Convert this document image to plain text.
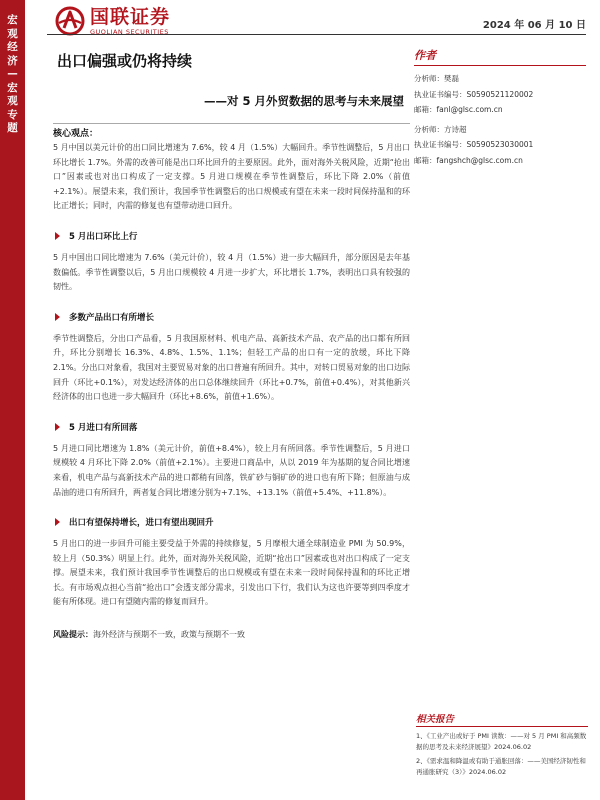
宏观经济—宏观专题
国联证券
GUOLIAN SECURITIES
2024 年 06 月 10 日
出口偏强或仍将持续
——对 5 月外贸数据的思考与未来展望
作者
分析师：樊磊
执业证书编号：S0590521120002
邮箱：fanl@glsc.com.cn
分析师：方诗超
执业证书编号：S0590523030001
邮箱：fangshch@glsc.com.cn
核心观点：

5 月中国以美元计价的出口同比增速为 7.6%，较 4 月（1.5%）大幅回升。季节性调整后，5 月出口环比增长 1.7%。外需的改善可能是出口环比回升的主要原因。此外，面对海外关税风险，近期“抢出口”因素或也对出口构成了一定支撑。5 月进口规模在季节性调整后，环比下降 2.0%（前值+2.1%）。展望未来，我们预计，我国季节性调整后的出口规模或有望在未来一段时间保持温和的环比正增长；同时，内需的修复也有望带动进口回升。

5 月出口环比上行

5 月中国出口同比增速为 7.6%（美元计价），较 4 月（1.5%）进一步大幅回升，部分原因是去年基数偏低。季节性调整以后，5 月出口规模较 4 月进一步扩大，环比增长 1.7%，表明出口具有较强的韧性。

多数产品出口有所增长

季节性调整后，分出口产品看，5 月我国原材料、机电产品、高新技术产品、农产品的出口都有所回升，环比分别增长 16.3%、4.8%、1.5%、1.1%；但轻工产品的出口有一定的放缓，环比下降 2.1%。分出口对象看，我国对主要贸易对象的出口普遍有所回升。其中，对转口贸易对象的出口边际回升（环比+0.1%），对发达经济体的出口总体继续回升（环比+0.7%，前值+0.4%），对其他新兴经济体的出口也进一步大幅回升（环比+8.6%，前值+1.6%）。

5 月进口有所回落

5 月进口同比增速为 1.8%（美元计价，前值+8.4%），较上月有所回落。季节性调整后，5 月进口规模较 4 月环比下降 2.0%（前值+2.1%）。主要进口商品中，从以 2019 年为基期的复合同比增速来看，机电产品与高新技术产品的进口都稍有回落，铁矿砂与铜矿砂的进口也有所下降；但原油与成品油的进口有所回升，两者复合同比增速分别为+7.1%、+13.1%（前值+5.4%、+11.8%）。

出口有望保持增长，进口有望出现回升

5 月出口的进一步回升可能主要受益于外需的持续修复，5 月摩根大通全球制造业 PMI 为 50.9%，较上月（50.3%）明显上行。此外，面对海外关税风险，近期“抢出口”因素或也对出口构成了一定支撑。展望未来，我们预计我国季节性调整后的出口规模或有望在未来一段时间保持温和的环比正增长。有市场观点担心当前“抢出口”会透支部分需求，引发出口下行，我们认为这也许要等到四季度才能有所体现。进口有望随内需的修复而回升。

风险提示：海外经济与预期不一致，政策与预期不一致
相关报告
1、《工业产出或好于 PMI 读数：——对 5 月 PMI 和高频数据的思考及未来经济展望》2024.06.02
2、《需求温和降温或有助于通胀回落：——美国经济韧性和再通胀研究（3）》2024.06.02
